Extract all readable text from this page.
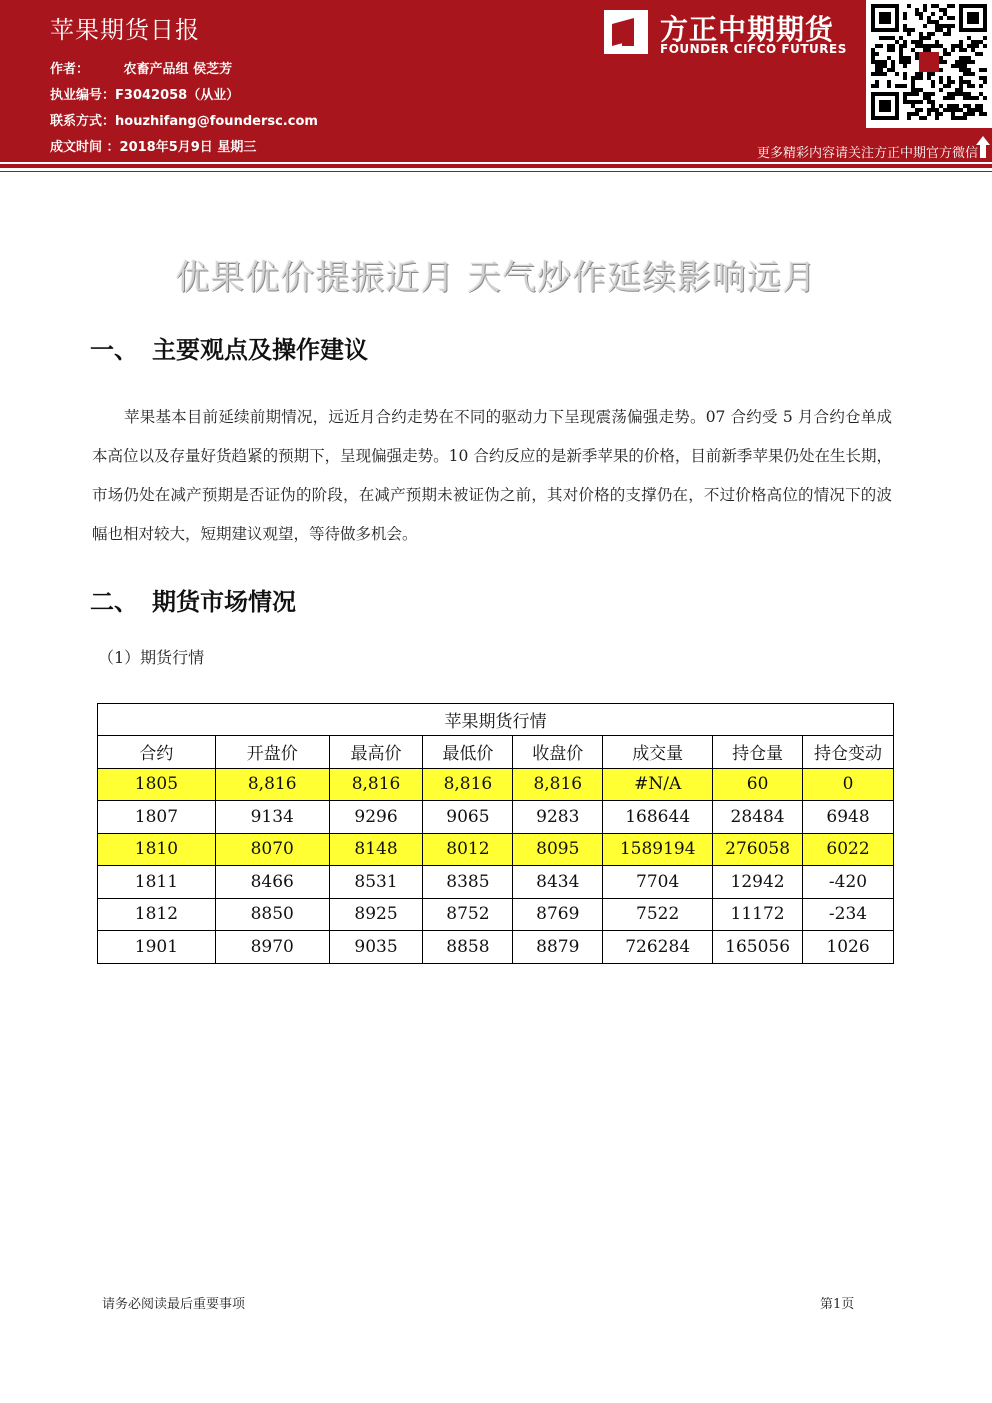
苹果期货日报
作者：	农畜产品组 侯芝芳
执业编号：F3042058（从业）
联系方式：houzhifang@foundersc.com
成文时间 ：2018年5月9日 星期三
方正中期期货
FOUNDER CIFCO FUTURES
更多精彩内容请关注方正中期官方微信
优果优价提振近月 天气炒作延续影响远月
一、 主要观点及操作建议
苹果基本目前延续前期情况，远近月合约走势在不同的驱动力下呈现震荡偏强走势。07 合约受 5 月合约仓单成本高位以及存量好货趋紧的预期下，呈现偏强走势。10 合约反应的是新季苹果的价格，目前新季苹果仍处在生长期，市场仍处在减产预期是否证伪的阶段，在减产预期未被证伪之前，其对价格的支撑仍在，不过价格高位的情况下的波幅也相对较大，短期建议观望，等待做多机会。
二、 期货市场情况
（1）期货行情
苹果期货行情							
合约	开盘价	最高价	最低价	收盘价	成交量	持仓量	持仓变动
1805	8,816	8,816	8,816	8,816	#N/A	60	0
1807	9134	9296	9065	9283	168644	28484	6948
1810	8070	8148	8012	8095	1589194	276058	6022
1811	8466	8531	8385	8434	7704	12942	-420
1812	8850	8925	8752	8769	7522	11172	-234
1901	8970	9035	8858	8879	726284	165056	1026
请务必阅读最后重要事项	第1页
